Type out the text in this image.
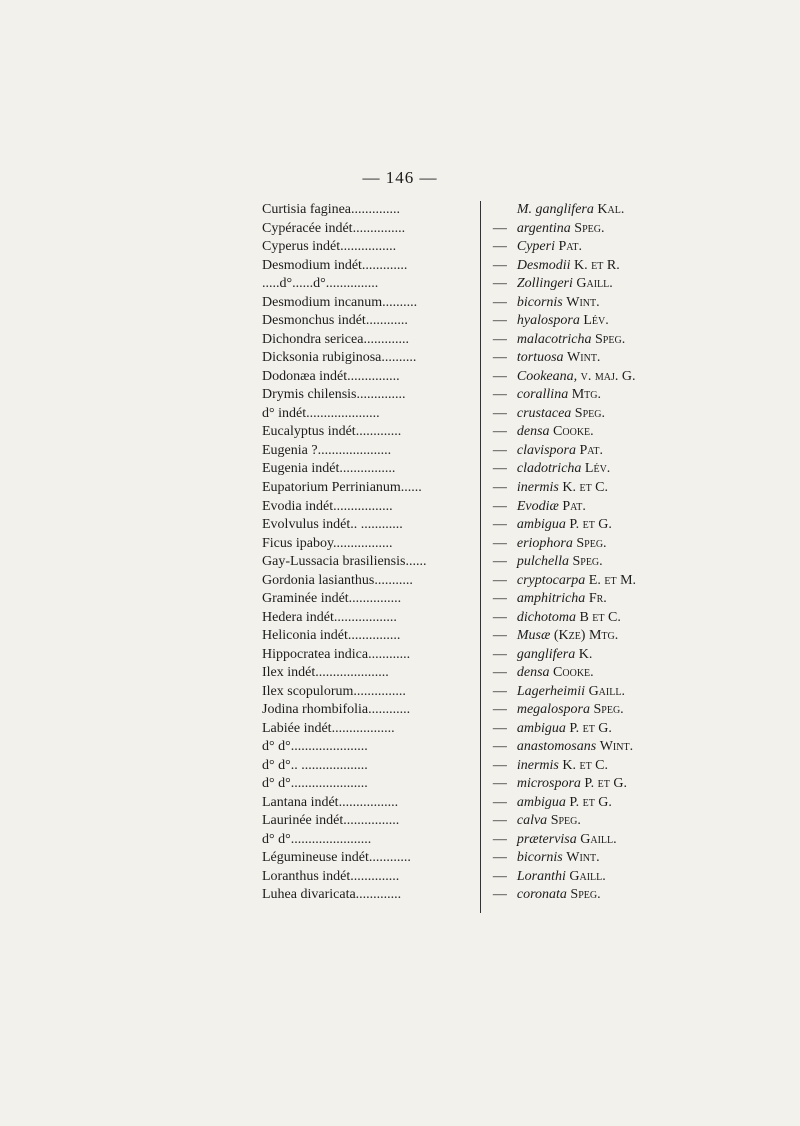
— 146 —
Curtisia faginea..............	M. ganglifera Kal.
Cypéracée indét...............	— argentina Speg.
Cyperus indét................	— Cyperi Pat.
Desmodium indét.............	— Desmodii K. et R.
.....d°......d°...............	— Zollingeri Gaill.
Desmodium incanum..........	— bicornis Wint.
Desmonchus indét............	— hyalospora Lév.
Dichondra sericea.............	— malacotricha Speg.
Dicksonia rubiginosa..........	— tortuosa Wint.
Dodonæa indét...............	— Cookeana, v. maj. G.
Drymis chilensis..............	— corallina Mtg.
d° indét.....................	— crustacea Speg.
Eucalyptus indét.............	— densa Cooke.
Eugenia ?.....................	— clavispora Pat.
Eugenia indét................	— cladotricha Lév.
Eupatorium Perrinianum......	— inermis K. et C.
Evodia indét.................	— Evodiæ Pat.
Evolvulus indét.. ............	— ambigua P. et G.
Ficus ipaboy.................	— eriophora Speg.
Gay-Lussacia brasiliensis......	— pulchella Speg.
Gordonia lasianthus...........	— cryptocarpa E. et M.
Graminée indét...............	— amphitricha Fr.
Hedera indét..................	— dichotoma B et C.
Heliconia indét...............	— Musæ (Kze) Mtg.
Hippocratea indica............	— ganglifera K.
Ilex indét.....................	— densa Cooke.
Ilex scopulorum...............	— Lagerheimii Gaill.
Jodina rhombifolia............	— megalospora Speg.
Labiée indét..................	— ambigua P. et G.
d° d°......................	— anastomosans Wint.
d° d°.. ...................	— inermis K. et C.
d° d°......................	— microspora P. et G.
Lantana indét.................	— ambigua P. et G.
Laurinée indét................	— calva Speg.
d° d°.......................	— prætervisa Gaill.
Légumineuse indét............	— bicornis Wint.
Loranthus indét..............	— Loranthi Gaill.
Luhea divaricata.............	— coronata Speg.
